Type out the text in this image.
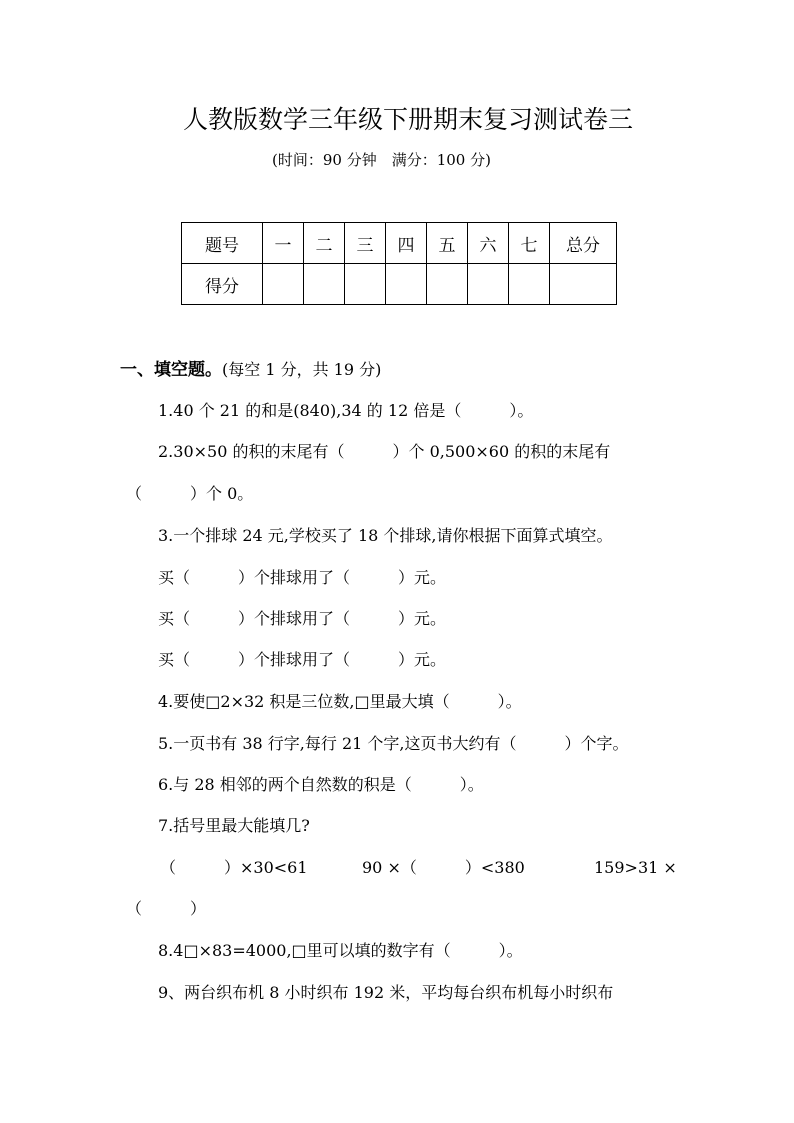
人教版数学三年级下册期末复习测试卷三
(时间：90 分钟　满分：100 分)
题号	一	二	三	四	五	六	七	总分
得分								
一、填空题。(每空 1 分，共 19 分)
1.40 个 21 的和是(840),34 的 12 倍是（　　　）。
2.30×50 的积的末尾有（　　　）个 0,500×60 的积的末尾有
（　　　）个 0。
3.一个排球 24 元,学校买了 18 个排球,请你根据下面算式填空。
买（　　　）个排球用了（　　　）元。
买（　　　）个排球用了（　　　）元。
买（　　　）个排球用了（　　　）元。
4.要使□2×32 积是三位数,□里最大填（　　　）。
5.一页书有 38 行字,每行 21 个字,这页书大约有（　　　）个字。
6.与 28 相邻的两个自然数的积是（　　　）。
7.括号里最大能填几?
（　　　）×30<61	90 ×（　　　）<380	159>31 ×
（　　　）
8.4□×83=4000,□里可以填的数字有（　　　）。
9、两台织布机 8 小时织布 192 米，平均每台织布机每小时织布
